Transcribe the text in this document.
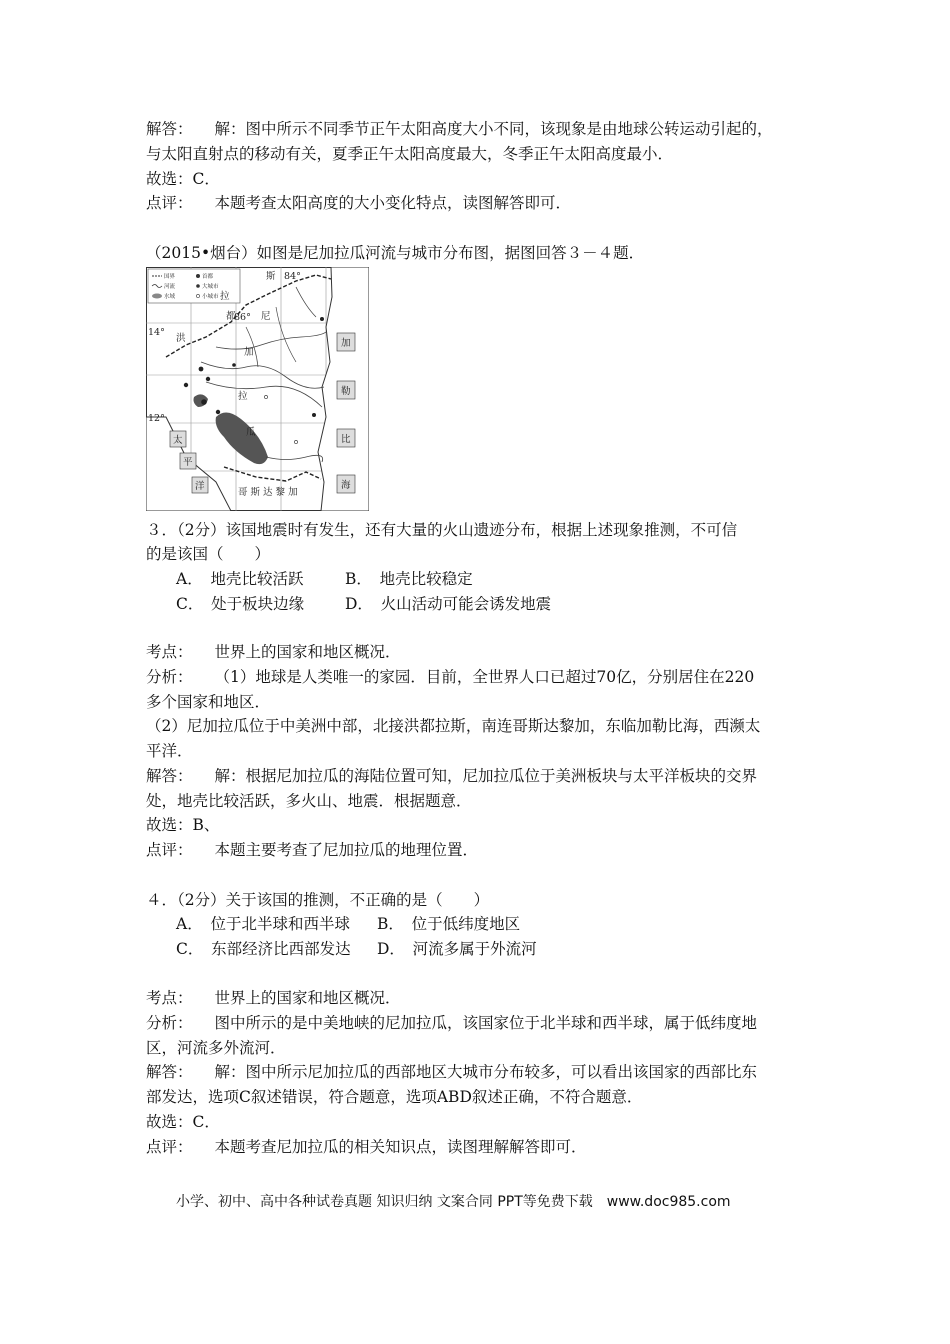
解答： 解：图中所示不同季节正午太阳高度大小不同，该现象是由地球公转运动引起的，
与太阳直射点的移动有关，夏季正午太阳高度最大，冬季正午太阳高度最小．
故选：C．
点评： 本题考查太阳高度的大小变化特点，读图解答即可．
（2015•烟台）如图是尼加拉瓜河流与城市分布图，据图回答３－４题．
国界	首都
河流	大城市
水域	小城市
84°
86°
14°
12°
尼
加
拉
瓜
斯
拉
都
洪	加
勒
比
海
太
平
洋
哥 斯 达 黎 加
３．（2分）该国地震时有发生，还有大量的火山遗迹分布，根据上述现象推测，不可信
的是该国（　　）
A．　地壳比较活跃	B．　地壳比较稳定
C．　处于板块边缘	D．　火山活动可能会诱发地震
考点： 世界上的国家和地区概况．
分析： （1）地球是人类唯一的家园．目前，全世界人口已超过70亿，分别居住在220
多个国家和地区．
（2）尼加拉瓜位于中美洲中部，北接洪都拉斯，南连哥斯达黎加，东临加勒比海，西濒太
平洋．
解答： 解：根据尼加拉瓜的海陆位置可知，尼加拉瓜位于美洲板块与太平洋板块的交界
处，地壳比较活跃，多火山、地震．根据题意．
故选：B、
点评： 本题主要考查了尼加拉瓜的地理位置．
４．（2分）关于该国的推测，不正确的是（　　）
A．　位于北半球和西半球 B．　位于低纬度地区
C．　东部经济比西部发达 D．　河流多属于外流河
考点： 世界上的国家和地区概况．
分析： 图中所示的是中美地峡的尼加拉瓜，该国家位于北半球和西半球，属于低纬度地
区，河流多外流河．
解答： 解：图中所示尼加拉瓜的西部地区大城市分布较多，可以看出该国家的西部比东
部发达，选项C叙述错误，符合题意，选项ABD叙述正确，不符合题意．
故选：C．
点评： 本题考查尼加拉瓜的相关知识点，读图理解解答即可．
小学、初中、高中各种试卷真题 知识归纳 文案合同 PPT等免费下载　www.doc985.com
